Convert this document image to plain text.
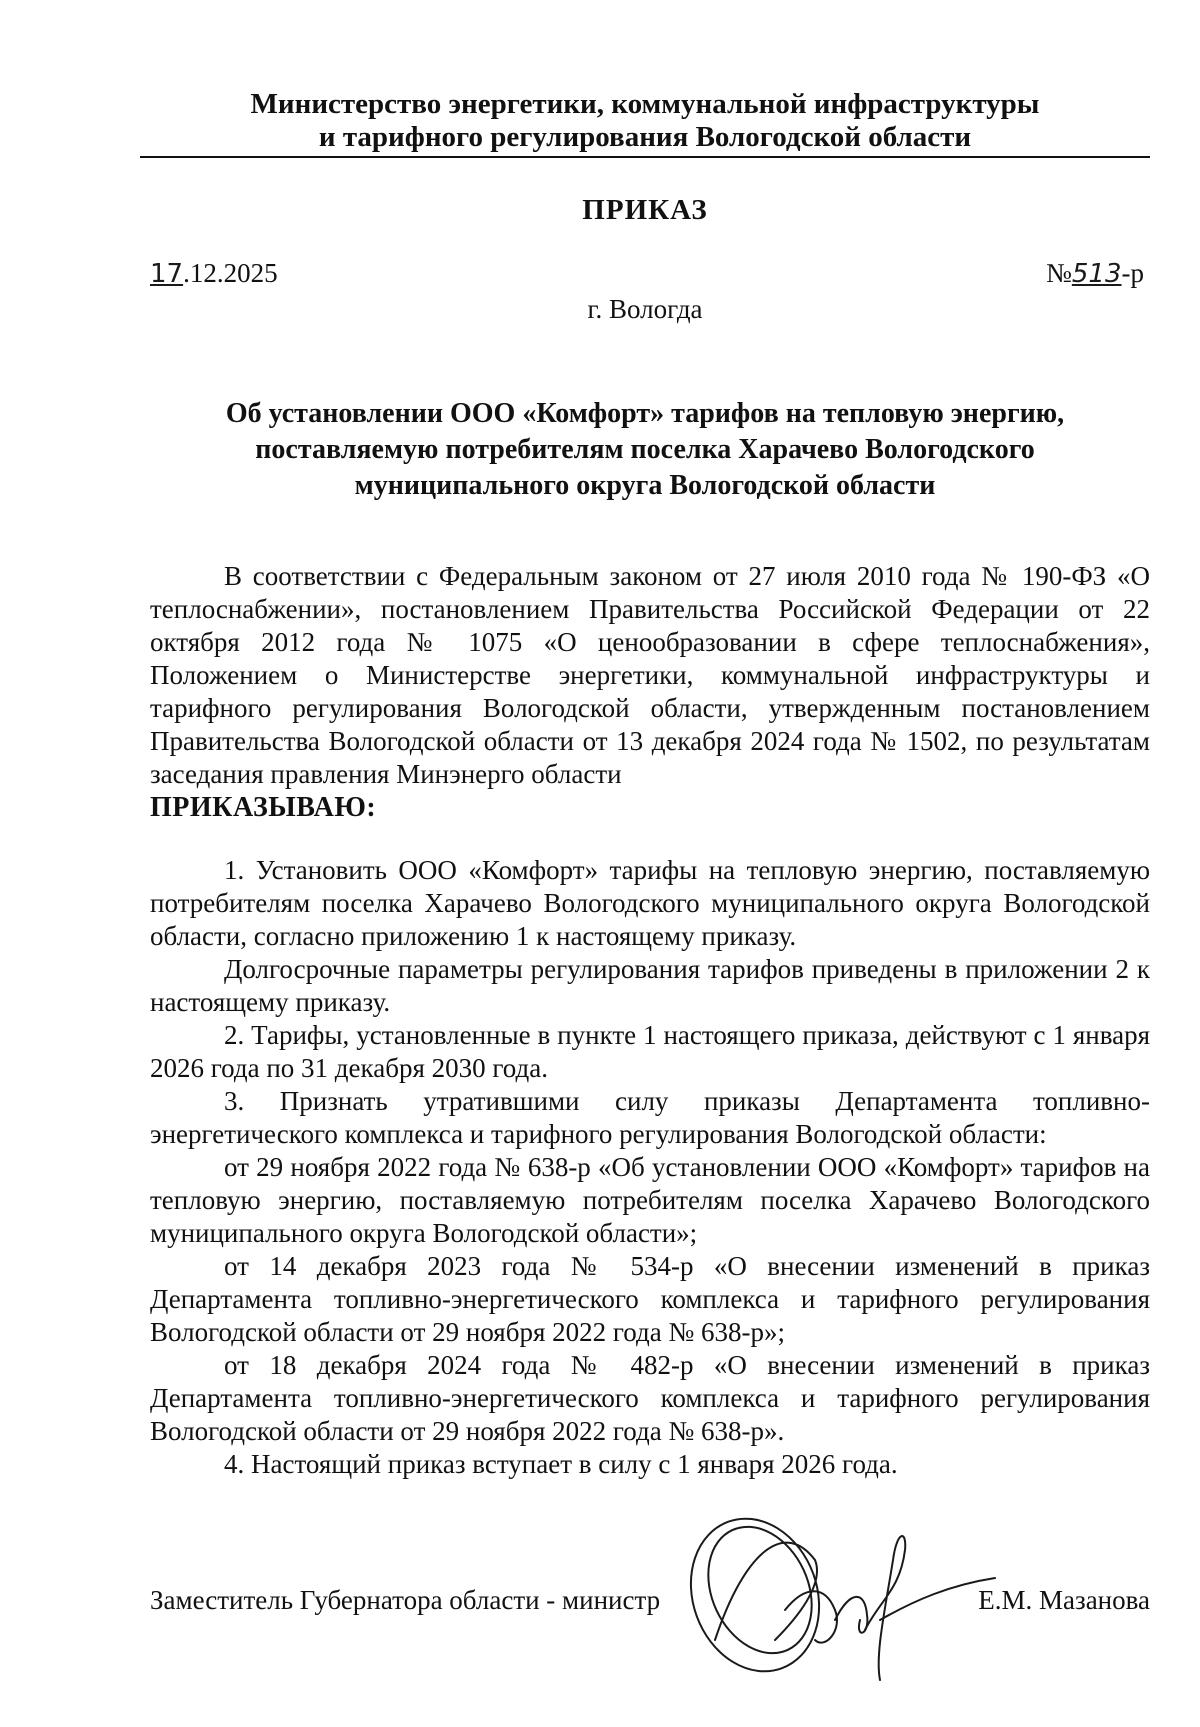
Министерство энергетики, коммунальной инфраструктуры
и тарифного регулирования Вологодской области
ПРИКАЗ
17.12.2025	№513-р
г. Вологда
Об установлении ООО «Комфорт» тарифов на тепловую энергию,
поставляемую потребителям поселка Харачево Вологодского
муниципального округа Вологодской области

В соответствии с Федеральным законом от 27 июля 2010 года № 190-ФЗ «О теплоснабжении», постановлением Правительства Российской Федерации от 22 октября 2012 года № 1075 «О ценообразовании в сфере теплоснабжения», Положением о Министерстве энергетики, коммунальной инфраструктуры и тарифного регулирования Вологодской области, утвержденным постановлением Правительства Вологодской области от 13 декабря 2024 года № 1502, по результатам заседания правления Минэнерго области

ПРИКАЗЫВАЮ:

1. Установить ООО «Комфорт» тарифы на тепловую энергию, поставляемую потребителям поселка Харачево Вологодского муниципального округа Вологодской области, согласно приложению 1 к настоящему приказу.

Долгосрочные параметры регулирования тарифов приведены в приложении 2 к настоящему приказу.

2. Тарифы, установленные в пункте 1 настоящего приказа, действуют с 1 января 2026 года по 31 декабря 2030 года.

3. Признать утратившими силу приказы Департамента топливно-энергетического комплекса и тарифного регулирования Вологодской области:

от 29 ноября 2022 года № 638-р «Об установлении ООО «Комфорт» тарифов на тепловую энергию, поставляемую потребителям поселка Харачево Вологодского муниципального округа Вологодской области»;

от 14 декабря 2023 года № 534-р «О внесении изменений в приказ Департамента топливно-энергетического комплекса и тарифного регулирования Вологодской области от 29 ноября 2022 года № 638-р»;

от 18 декабря 2024 года № 482-р «О внесении изменений в приказ Департамента топливно-энергетического комплекса и тарифного регулирования Вологодской области от 29 ноября 2022 года № 638-р».

4. Настоящий приказ вступает в силу с 1 января 2026 года.

Заместитель Губернатора области - министр	Е.М. Мазанова
